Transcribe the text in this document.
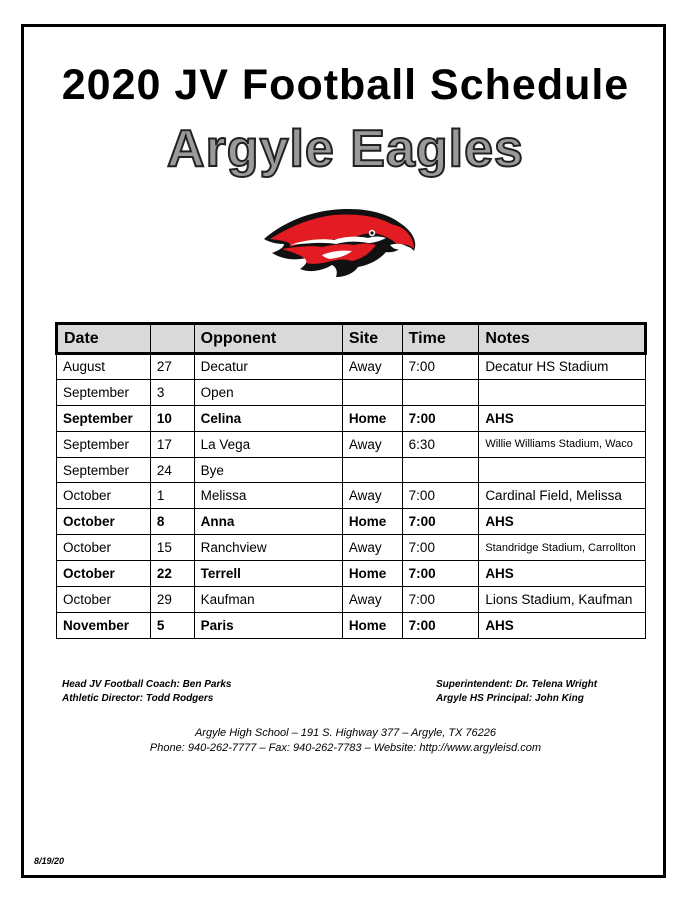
2020 JV Football Schedule
Argyle Eagles
Date		Opponent	Site	Time	Notes
August	27	Decatur	Away	7:00	Decatur HS Stadium
September	3	Open			
September	10	Celina	Home	7:00	AHS
September	17	La Vega	Away	6:30	Willie Williams Stadium, Waco
September	24	Bye			
October	1	Melissa	Away	7:00	Cardinal Field, Melissa
October	8	Anna	Home	7:00	AHS
October	15	Ranchview	Away	7:00	Standridge Stadium, Carrollton
October	22	Terrell	Home	7:00	AHS
October	29	Kaufman	Away	7:00	Lions Stadium, Kaufman
November	5	Paris	Home	7:00	AHS
Head JV Football Coach: Ben Parks
Athletic Director: Todd Rodgers
Superintendent: Dr. Telena Wright
Argyle HS Principal: John King
Argyle High School – 191 S. Highway 377 – Argyle, TX 76226
Phone: 940-262-7777 – Fax: 940-262-7783 – Website: http://www.argyleisd.com
8/19/20
